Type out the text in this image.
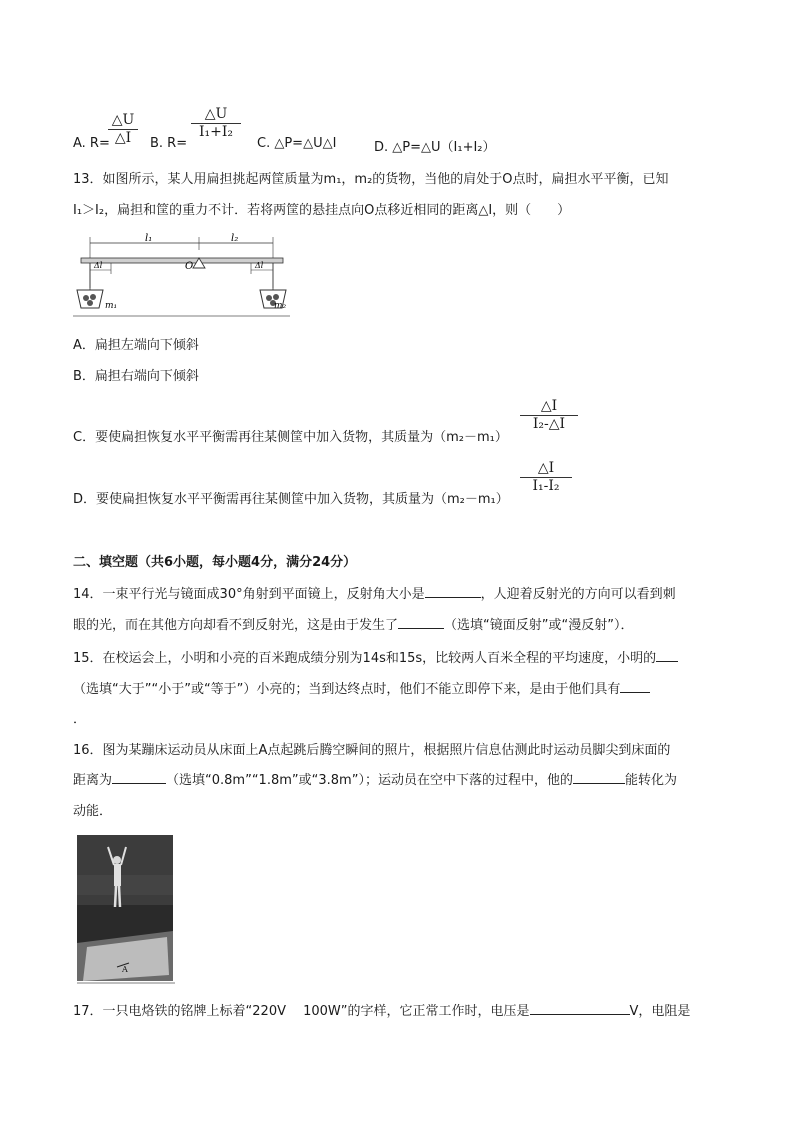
△U
△I
A. R=	B. R=
△U
I₁+I₂
C. △P=△U△I	D. △P=△U（I₁+I₂）
13．如图所示，某人用扁担挑起两筐质量为m₁，m₂的货物，当他的肩处于O点时，扁担水平平衡，已知
I₁＞I₂，扁担和筐的重力不计．若将两筐的悬挂点向O点移近相同的距离△I，则（　　）
l₁	l₂
O
Δl	Δl
m₁	m₂
A．扁担左端向下倾斜
B．扁担右端向下倾斜
C．要使扁担恢复水平平衡需再往某侧筐中加入货物，其质量为（m₂－m₁）
△I
I₂-△I
D．要使扁担恢复水平平衡需再往某侧筐中加入货物，其质量为（m₂－m₁）
△I
I₁-I₂
二、填空题（共6小题，每小题4分，满分24分）
14．一束平行光与镜面成30°角射到平面镜上，反射角大小是	，人迎着反射光的方向可以看到刺
眼的光，而在其他方向却看不到反射光，这是由于发生了	（选填“镜面反射”或“漫反射”）．
15．在校运会上，小明和小亮的百米跑成绩分别为14s和15s，比较两人百米全程的平均速度，小明的
（选填“大于”“小于”或“等于”）小亮的；当到达终点时，他们不能立即停下来，是由于他们具有
．
16．图为某蹦床运动员从床面上A点起跳后腾空瞬间的照片，根据照片信息估测此时运动员脚尖到床面的
距离为	（选填“0.8m”“1.8m”或“3.8m”）；运动员在空中下落的过程中，他的	能转化为
动能．
A
17．一只电烙铁的铭牌上标着“220V　 100W”的字样，它正常工作时，电压是	V，电阻是
